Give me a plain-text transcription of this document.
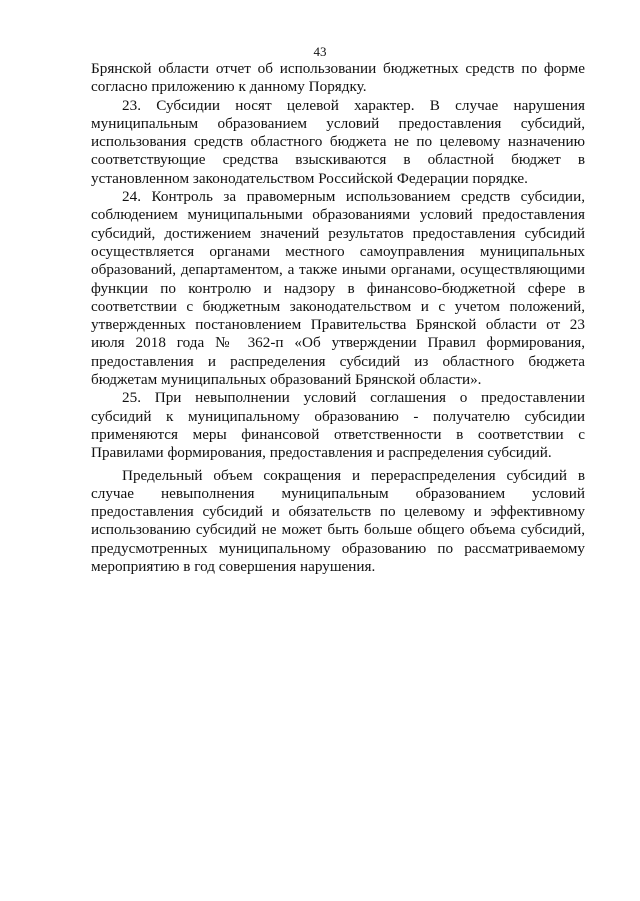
43

Брянской области отчет об использовании бюджетных средств по форме согласно приложению к данному Порядку.

23. Субсидии носят целевой характер. В случае нарушения муниципальным образованием условий предоставления субсидий, использования средств областного бюджета не по целевому назначению соответствующие средства взыскиваются в областной бюджет в установленном законодательством Российской Федерации порядке.

24. Контроль за правомерным использованием средств субсидии, соблюдением муниципальными образованиями условий предоставления субсидий, достижением значений результатов предоставления субсидий осуществляется органами местного самоуправления муниципальных образований, департаментом, а также иными органами, осуществляющими функции по контролю и надзору в финансово-бюджетной сфере в соответствии с бюджетным законодательством и с учетом положений, утвержденных постановлением Правительства Брянской области от 23 июля 2018 года № 362-п «Об утверждении Правил формирования, предоставления и распределения субсидий из областного бюджета бюджетам муниципальных образований Брянской области».

25. При невыполнении условий соглашения о предоставлении субсидий к муниципальному образованию - получателю субсидии применяются меры финансовой ответственности в соответствии с Правилами формирования, предоставления и распределения субсидий.

Предельный объем сокращения и перераспределения субсидий в случае невыполнения муниципальным образованием условий предоставления субсидий и обязательств по целевому и эффективному использованию субсидий не может быть больше общего объема субсидий, предусмотренных муниципальному образованию по рассматриваемому мероприятию в год совершения нарушения.
